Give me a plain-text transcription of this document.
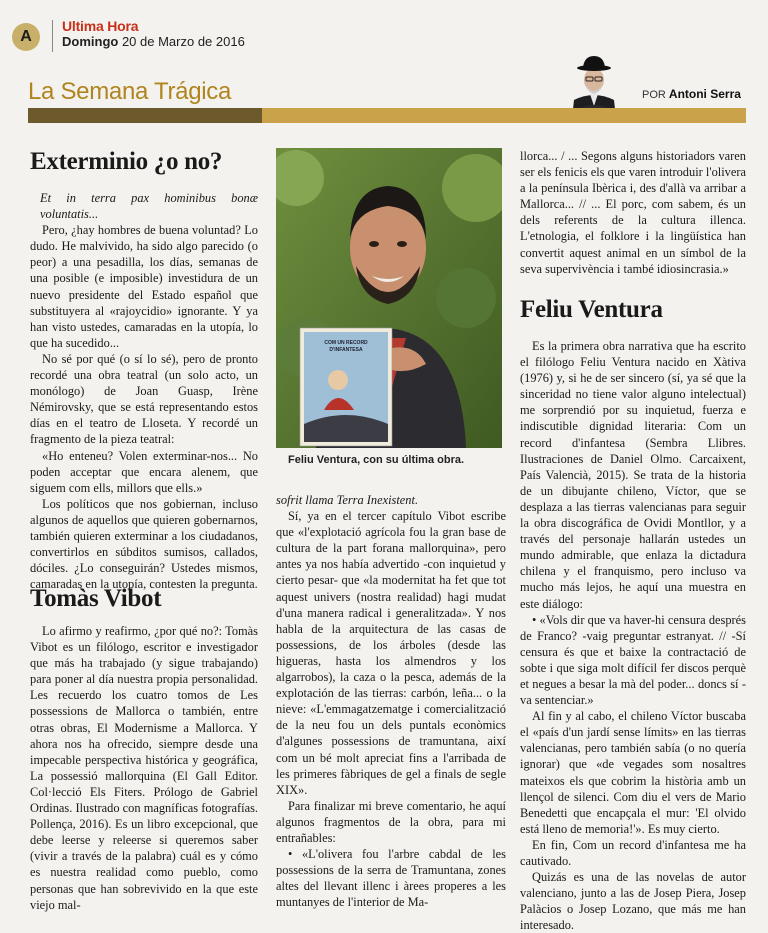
A
Ultima Hora
Domingo 20 de Marzo de 2016
La Semana Trágica	POR Antoni Serra
Exterminio ¿o no?

Et in terra pax hominibus bonæ voluntatis...

Pero, ¿hay hombres de buena voluntad? Lo dudo. He malvivido, ha sido algo parecido (o peor) a una pesadilla, los días, semanas de una posible (e imposible) investidura de un nuevo presidente del Estado español que substituyera al «rajoycidio» ignorante. Y ya han visto ustedes, camaradas en la utopía, lo que ha sucedido...

No sé por qué (o sí lo sé), pero de pronto recordé una obra teatral (un solo acto, un monólogo) de Joan Guasp, Irène Némirovsky, que se está representando estos días en el teatro de Lloseta. Y recordé un fragmento de la pieza teatral:

«Ho enteneu? Volen exterminar-nos... No poden acceptar que encara alenem, que siguem com ells, millors que ells.»

Los políticos que nos gobiernan, incluso algunos de aquellos que quieren gobernarnos, también quieren exterminar a los ciudadanos, convertirlos en súbditos sumisos, callados, dóciles. ¿Lo conseguirán? Ustedes mismos, camaradas en la utopía, contesten la pregunta.

Tomàs Vibot

Lo afirmo y reafirmo, ¿por qué no?: Tomàs Vibot es un filólogo, escritor e investigador que más ha trabajado (y sigue trabajando) para poner al día nuestra propia personalidad. Les recuerdo los cuatro tomos de Les possessions de Mallorca o también, entre otras obras, El Modernisme a Mallorca. Y ahora nos ha ofrecido, siempre desde una impecable perspectiva histórica y geográfica, La possessió mallorquina (El Gall Editor. Col·lecció Els Fiters. Prólogo de Gabriel Ordinas. Ilustrado con magníficas fotografías. Pollença, 2016). Es un libro excepcional, que debe leerse y releerse si queremos saber (vivir a través de la palabra) cuál es y cómo es nuestra realidad como pueblo, como personas que han sobrevivido en la que este viejo mal-

COM UN RECORD
D'INFANTESA
Feliu Ventura, con su última obra.

sofrit llama Terra Inexistent.

Sí, ya en el tercer capítulo Vibot escribe que «l'explotació agrícola fou la gran base de cultura de la part forana mallorquina», pero antes ya nos había advertido -con inquietud y cierto pesar- que «la modernitat ha fet que tot aquest univers (nostra realidad) hagi mudat d'una manera radical i generalitzada». Y nos habla de la arquitectura de las casas de possessions, de los árboles (desde las higueras, hasta los almendros y los algarrobos), la caza o la pesca, además de la explotación de las tierras: carbón, leña... o la nieve: «L'emmagatzematge i comercialització de la neu fou un dels puntals econòmics d'algunes possessions de tramuntana, així com un bé molt apreciat fins a l'arribada de les primeres fàbriques de gel a finals de segle XIX».

Para finalizar mi breve comentario, he aquí algunos fragmentos de la obra, para mi entrañables:

• «L'olivera fou l'arbre cabdal de les possessions de la serra de Tramuntana, zones altes del llevant illenc i àrees properes a les muntanyes de l'interior de Ma-

llorca... / ... Segons alguns historiadors varen ser els fenicis els que varen introduir l'olivera a la península Ibèrica i, des d'allà va arribar a Mallorca... // ... El porc, com sabem, és un dels referents de la cultura illenca. L'etnologia, el folklore i la lingüística han convertit aquest animal en un símbol de la seva supervivència i també idiosincrasia.»

Feliu Ventura

Es la primera obra narrativa que ha escrito el filólogo Feliu Ventura nacido en Xàtiva (1976) y, si he de ser sincero (sí, ya sé que la sinceridad no tiene valor alguno intelectual) me sorprendió por su inquietud, fuerza e indiscutible dignidad literaria: Com un record d'infantesa (Sembra Llibres. Ilustraciones de Daniel Olmo. Carcaixent, País Valencià, 2015). Se trata de la historia de un dibujante chileno, Víctor, que se desplaza a las tierras valencianas para seguir la obra discográfica de Ovidi Montllor, y a través del personaje hallarán ustedes un mundo admirable, que enlaza la dictadura chilena y el franquismo, pero incluso va mucho más lejos, he aquí una muestra en este diálogo:

• «Vols dir que va haver-hi censura després de Franco? -vaig preguntar estranyat. // -Sí censura és que et baixe la contractació de sobte i que siga molt difícil fer discos perquè et negues a besar la mà del poder... doncs sí -va sentenciar.»

Al fin y al cabo, el chileno Víctor buscaba el «país d'un jardí sense límits» en las tierras valencianas, pero también sabía (o no quería ignorar) que «de vegades som nosaltres mateixos els que cobrim la història amb un llençol de silenci. Com diu el vers de Mario Benedetti que encapçala el mur: 'El olvido está lleno de memoria!'». Es muy cierto.

En fin, Com un record d'infantesa me ha cautivado.

Quizás es una de las novelas de autor valenciano, junto a las de Josep Piera, Josep Palàcios o Josep Lozano, que más me han interesado.
